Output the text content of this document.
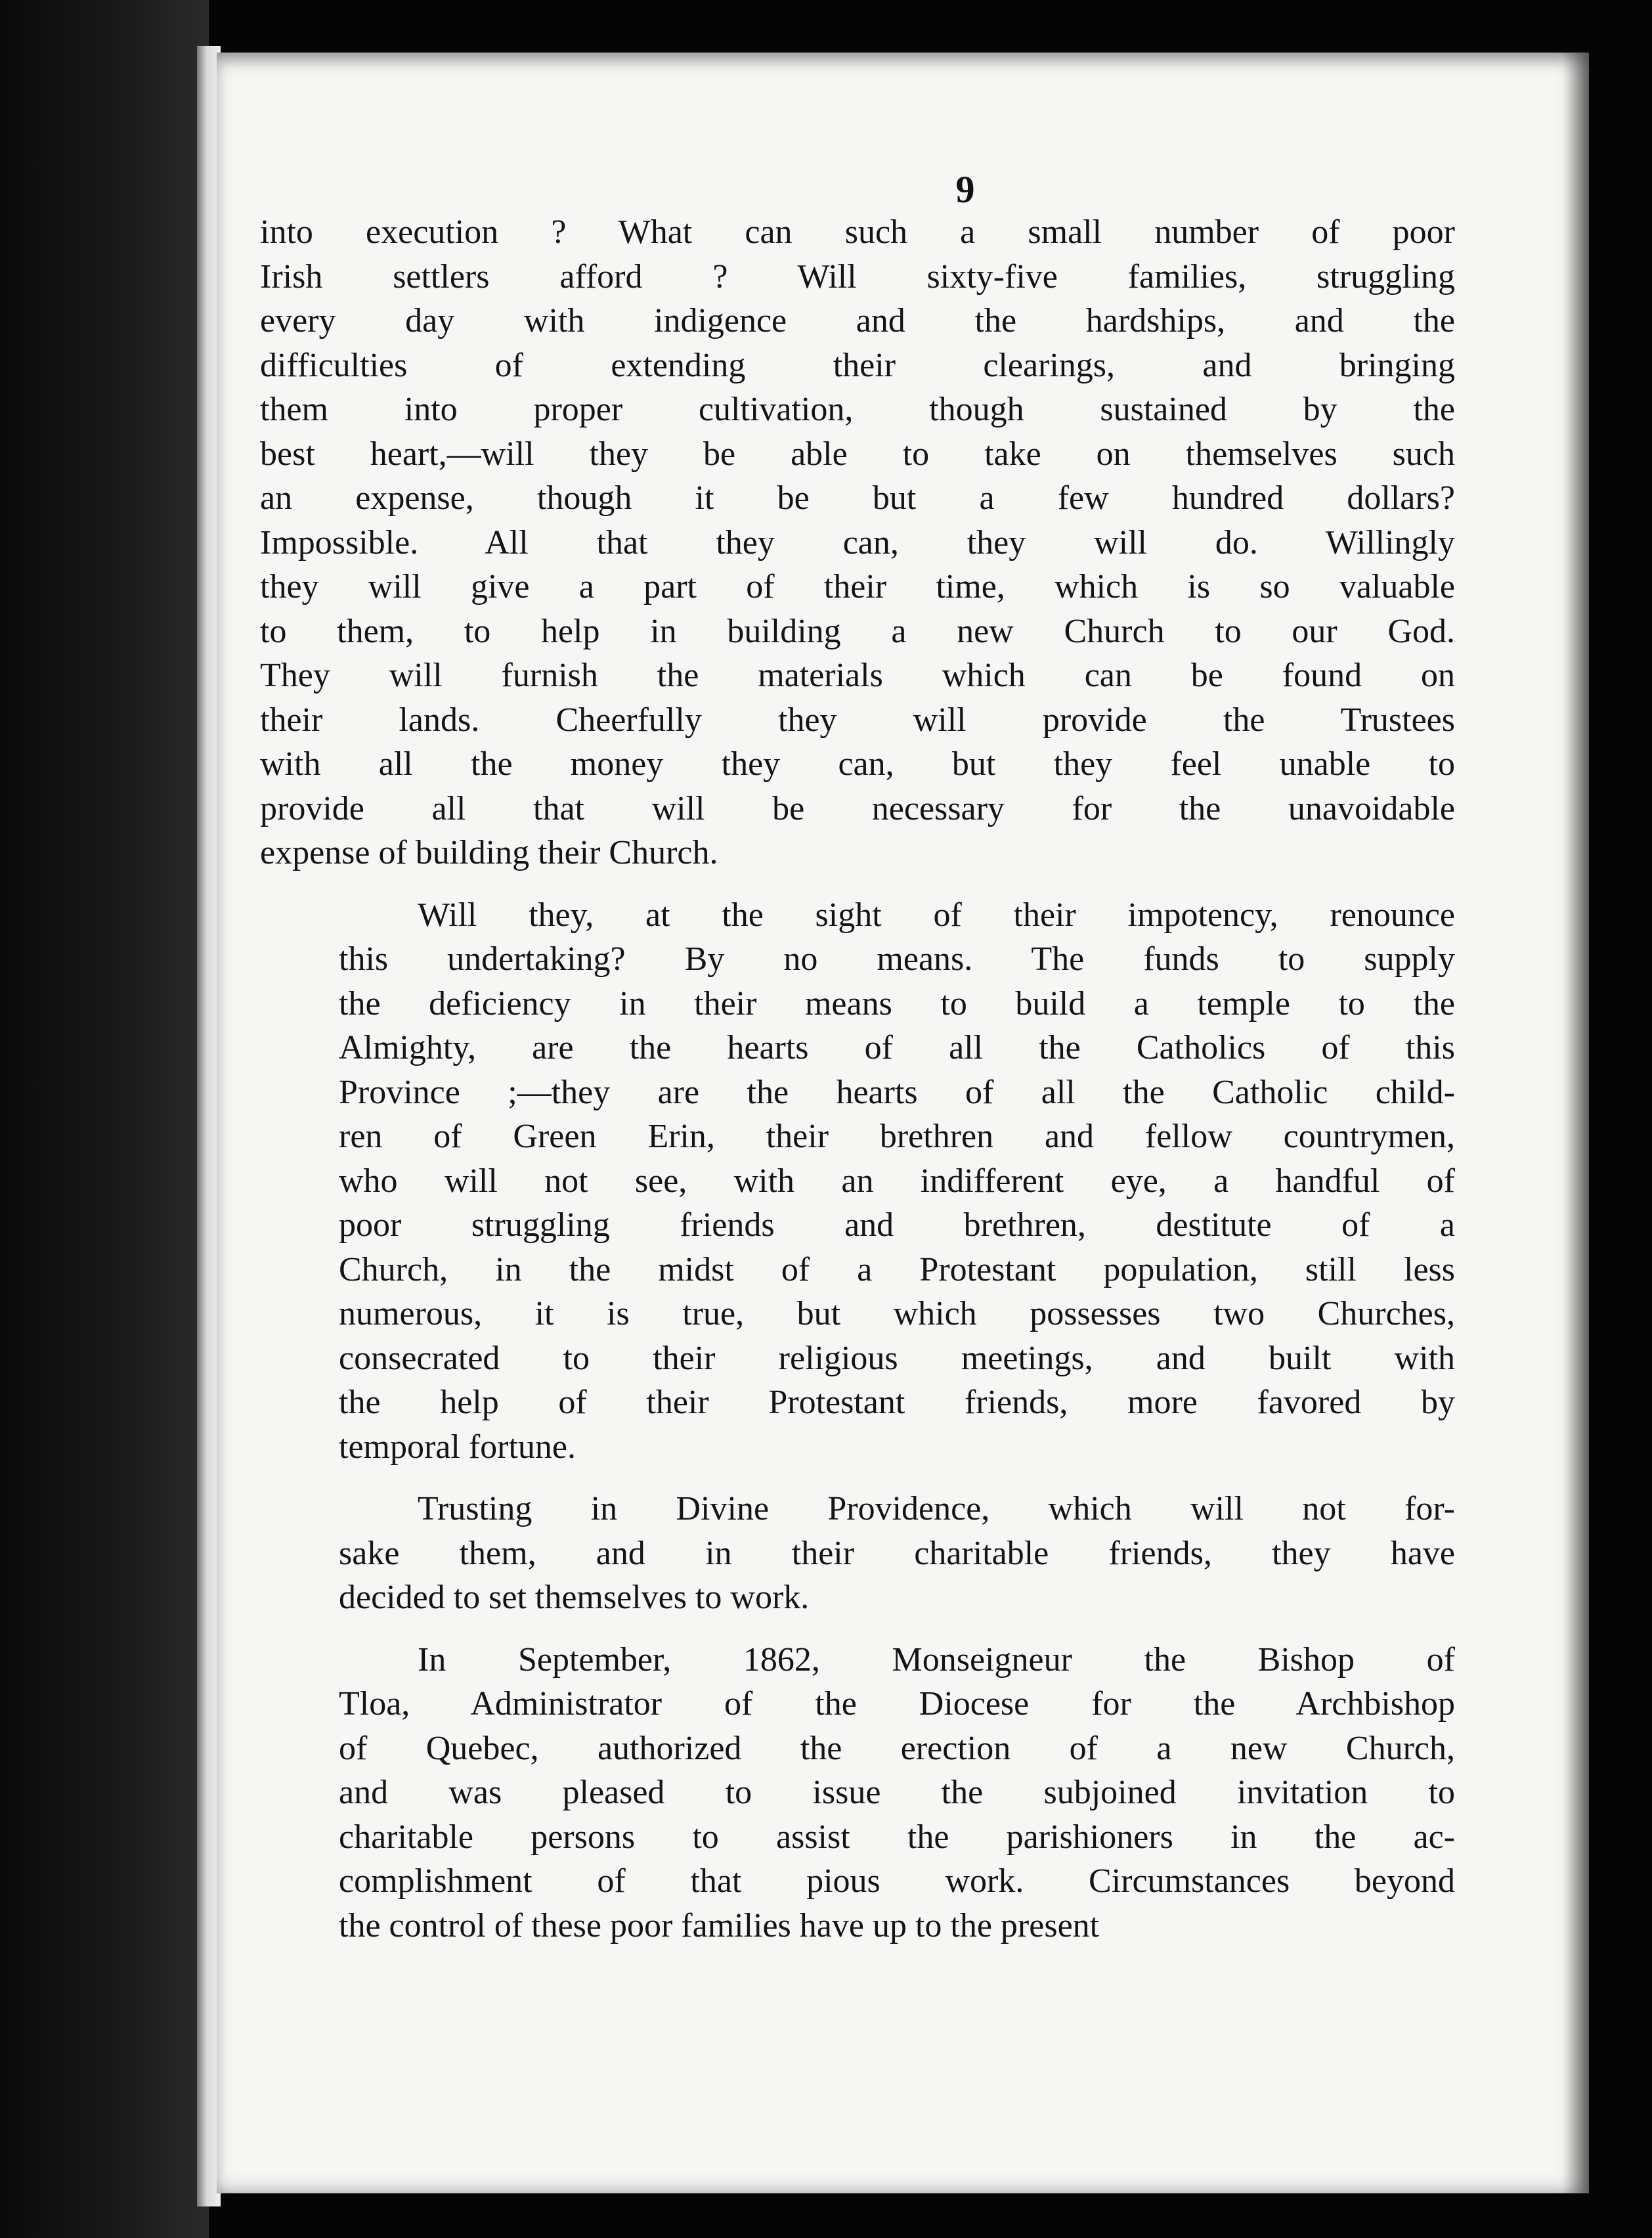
9
into execution ? What can such a small number of poor
Irish settlers afford ? Will sixty-five families, struggling
every day with indigence and the hardships, and the
difficulties of extending their clearings, and bringing
them into proper cultivation, though sustained by the
best heart,—will they be able to take on themselves such
an expense, though it be but a few hundred dollars?
Impossible. All that they can, they will do. Willingly
they will give a part of their time, which is so valuable
to them, to help in building a new Church to our God.
They will furnish the materials which can be found on
their lands. Cheerfully they will provide the Trustees
with all the money they can, but they feel unable to
provide all that will be necessary for the unavoidable
expense of building their Church.
Will they, at the sight of their impotency, renounce
this undertaking? By no means. The funds to supply
the deficiency in their means to build a temple to the
Almighty, are the hearts of all the Catholics of this
Province ;—they are the hearts of all the Catholic child-
ren of Green Erin, their brethren and fellow countrymen,
who will not see, with an indifferent eye, a handful of
poor struggling friends and brethren, destitute of a
Church, in the midst of a Protestant population, still less
numerous, it is true, but which possesses two Churches,
consecrated to their religious meetings, and built with
the help of their Protestant friends, more favored by
temporal fortune.
Trusting in Divine Providence, which will not for-
sake them, and in their charitable friends, they have
decided to set themselves to work.
In September, 1862, Monseigneur the Bishop of
Tloa, Administrator of the Diocese for the Archbishop
of Quebec, authorized the erection of a new Church,
and was pleased to issue the subjoined invitation to
charitable persons to assist the parishioners in the ac-
complishment of that pious work. Circumstances beyond
the control of these poor families have up to the present
